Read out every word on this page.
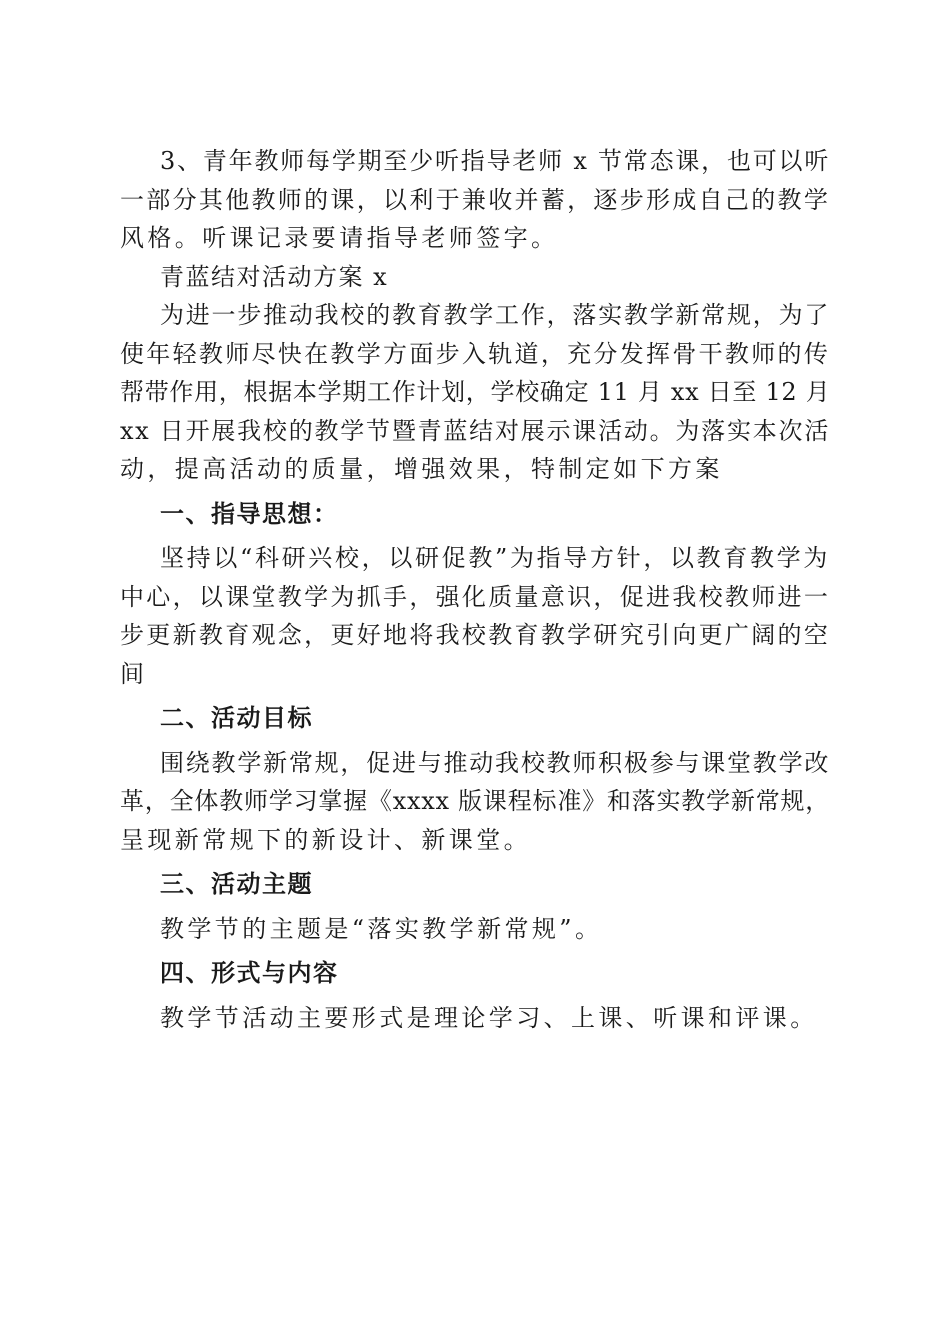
3、青年教师每学期至少听指导老师 x 节常态课，也可以听
一部分其他教师的课，以利于兼收并蓄，逐步形成自己的教学
风格。听课记录要请指导老师签字。
青蓝结对活动方案 x
为进一步推动我校的教育教学工作，落实教学新常规，为了
使年轻教师尽快在教学方面步入轨道，充分发挥骨干教师的传
帮带作用，根据本学期工作计划，学校确定 11 月 xx 日至 12 月
xx 日开展我校的教学节暨青蓝结对展示课活动。为落实本次活
动，提高活动的质量，增强效果，特制定如下方案
一、指导思想：
坚持以“科研兴校，以研促教”为指导方针，以教育教学为
中心，以课堂教学为抓手，强化质量意识，促进我校教师进一
步更新教育观念，更好地将我校教育教学研究引向更广阔的空
间
二、活动目标
围绕教学新常规，促进与推动我校教师积极参与课堂教学改
革，全体教师学习掌握《xxxx 版课程标准》和落实教学新常规，
呈现新常规下的新设计、新课堂。
三、活动主题
教学节的主题是“落实教学新常规”。
四、形式与内容
教学节活动主要形式是理论学习、上课、听课和评课。
